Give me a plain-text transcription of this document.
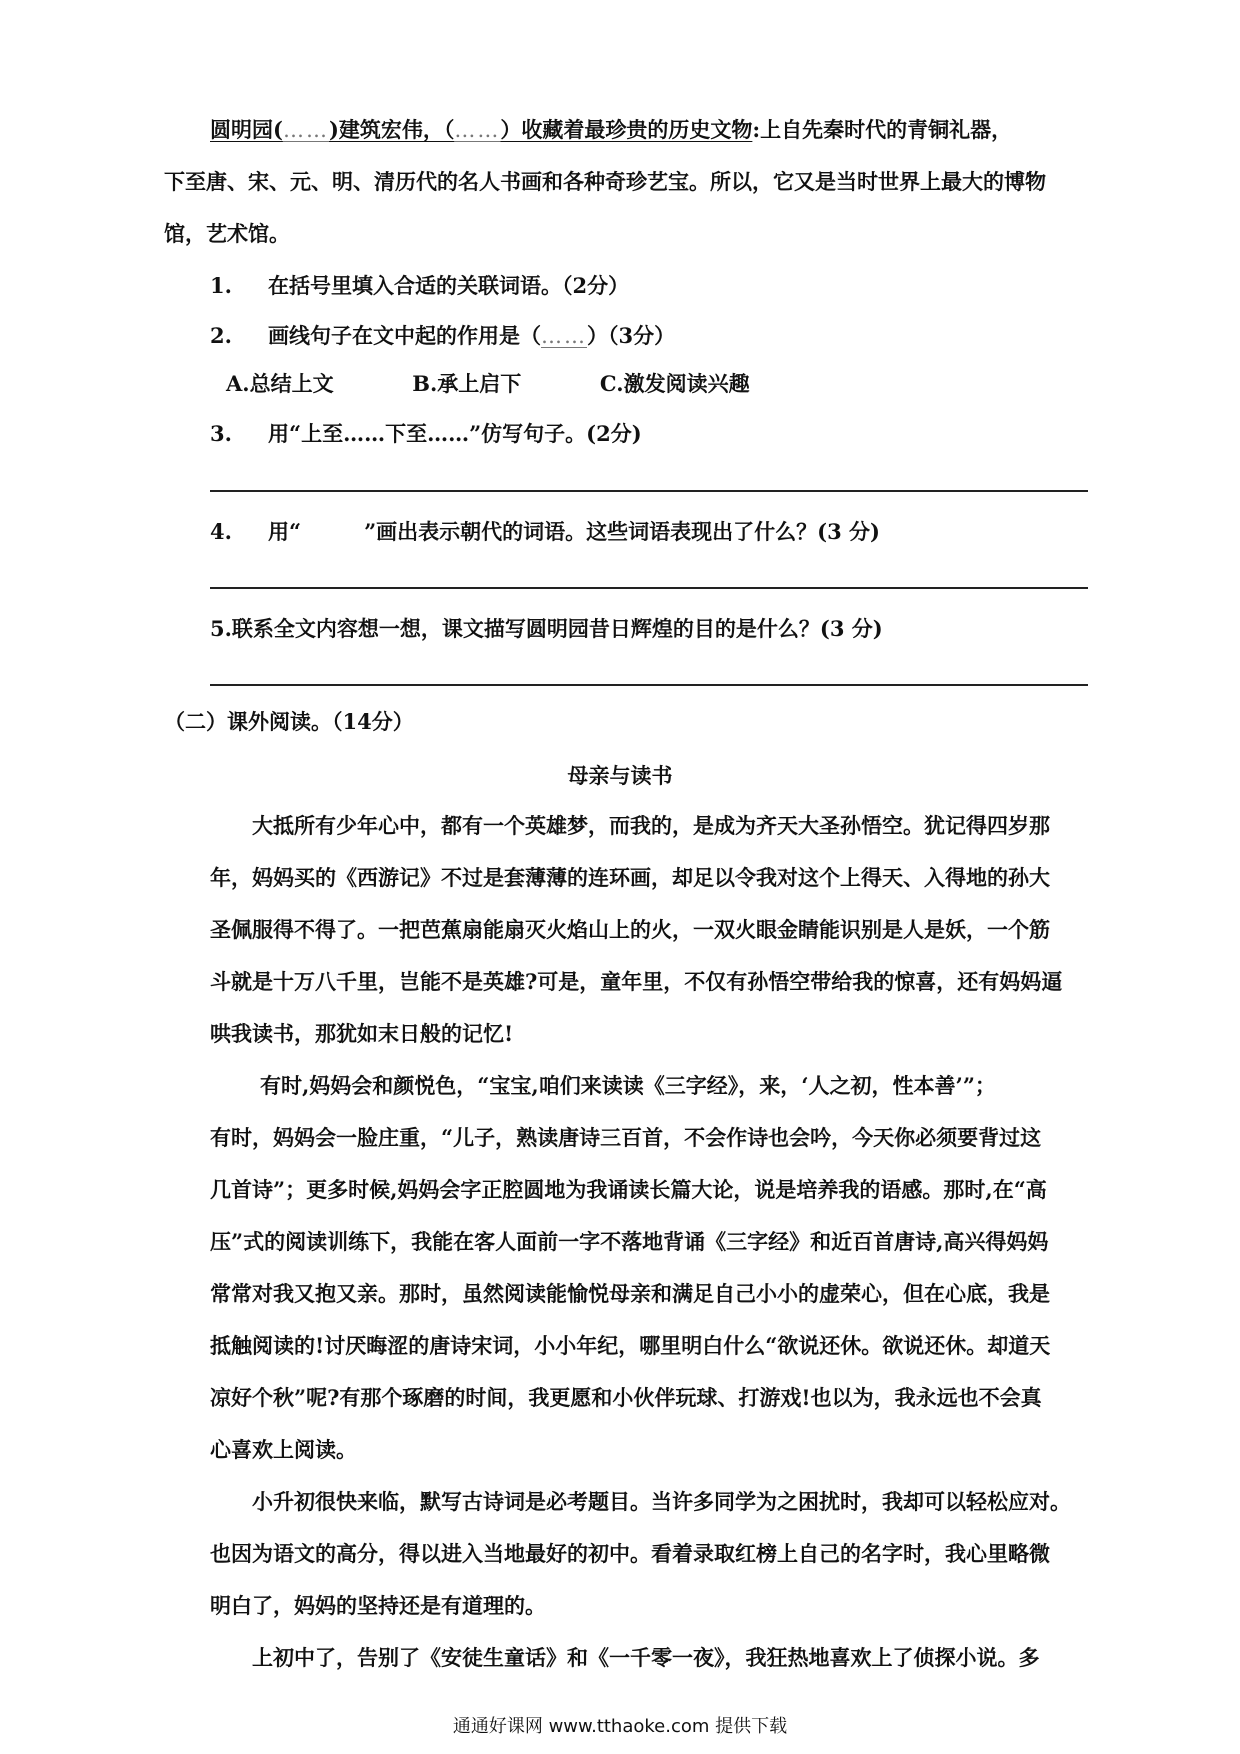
圆明园(……)建筑宏伟，（……）收藏着最珍贵的历史文物:上自先秦时代的青铜礼器，
下至唐、宋、元、明、清历代的名人书画和各种奇珍艺宝。所以，它又是当时世界上最大的博物
馆，艺术馆。
1. 在括号里填入合适的关联词语。（2分）
2. 画线句子在文中起的作用是（……）（3分）
A.总结上文	B.承上启下	C.激发阅读兴趣
3. 用“上至……下至……”仿写句子。(2分)
4. 用“______”画出表示朝代的词语。这些词语表现出了什么？(3 分)
5.联系全文内容想一想，课文描写圆明园昔日辉煌的目的是什么？(3 分)
（二）课外阅读。（14分）
母亲与读书
大抵所有少年心中，都有一个英雄梦，而我的，是成为齐天大圣孙悟空。犹记得四岁那
年，妈妈买的《西游记》不过是套薄薄的连环画，却足以令我对这个上得天、入得地的孙大
圣佩服得不得了。一把芭蕉扇能扇灭火焰山上的火，一双火眼金睛能识别是人是妖，一个筋
斗就是十万八千里，岂能不是英雄?可是，童年里，不仅有孙悟空带给我的惊喜，还有妈妈逼
哄我读书，那犹如末日般的记忆!
有时,妈妈会和颜悦色，“宝宝,咱们来读读《三字经》，来，‘人之初，性本善’”；
有时，妈妈会一脸庄重，“儿子，熟读唐诗三百首，不会作诗也会吟，今天你必须要背过这
几首诗”；更多时候,妈妈会字正腔圆地为我诵读长篇大论，说是培养我的语感。那时,在“高
压”式的阅读训练下，我能在客人面前一字不落地背诵《三字经》和近百首唐诗,高兴得妈妈
常常对我又抱又亲。那时，虽然阅读能愉悦母亲和满足自己小小的虚荣心，但在心底，我是
抵触阅读的!讨厌晦涩的唐诗宋词，小小年纪，哪里明白什么“欲说还休。欲说还休。却道天
凉好个秋”呢?有那个琢磨的时间，我更愿和小伙伴玩球、打游戏!也以为，我永远也不会真
心喜欢上阅读。
小升初很快来临，默写古诗词是必考题目。当许多同学为之困扰时，我却可以轻松应对。
也因为语文的高分，得以进入当地最好的初中。看着录取红榜上自己的名字时，我心里略微
明白了，妈妈的坚持还是有道理的。
上初中了，告别了《安徒生童话》和《一千零一夜》，我狂热地喜欢上了侦探小说。多
通通好课网 www.tthaoke.com 提供下载
